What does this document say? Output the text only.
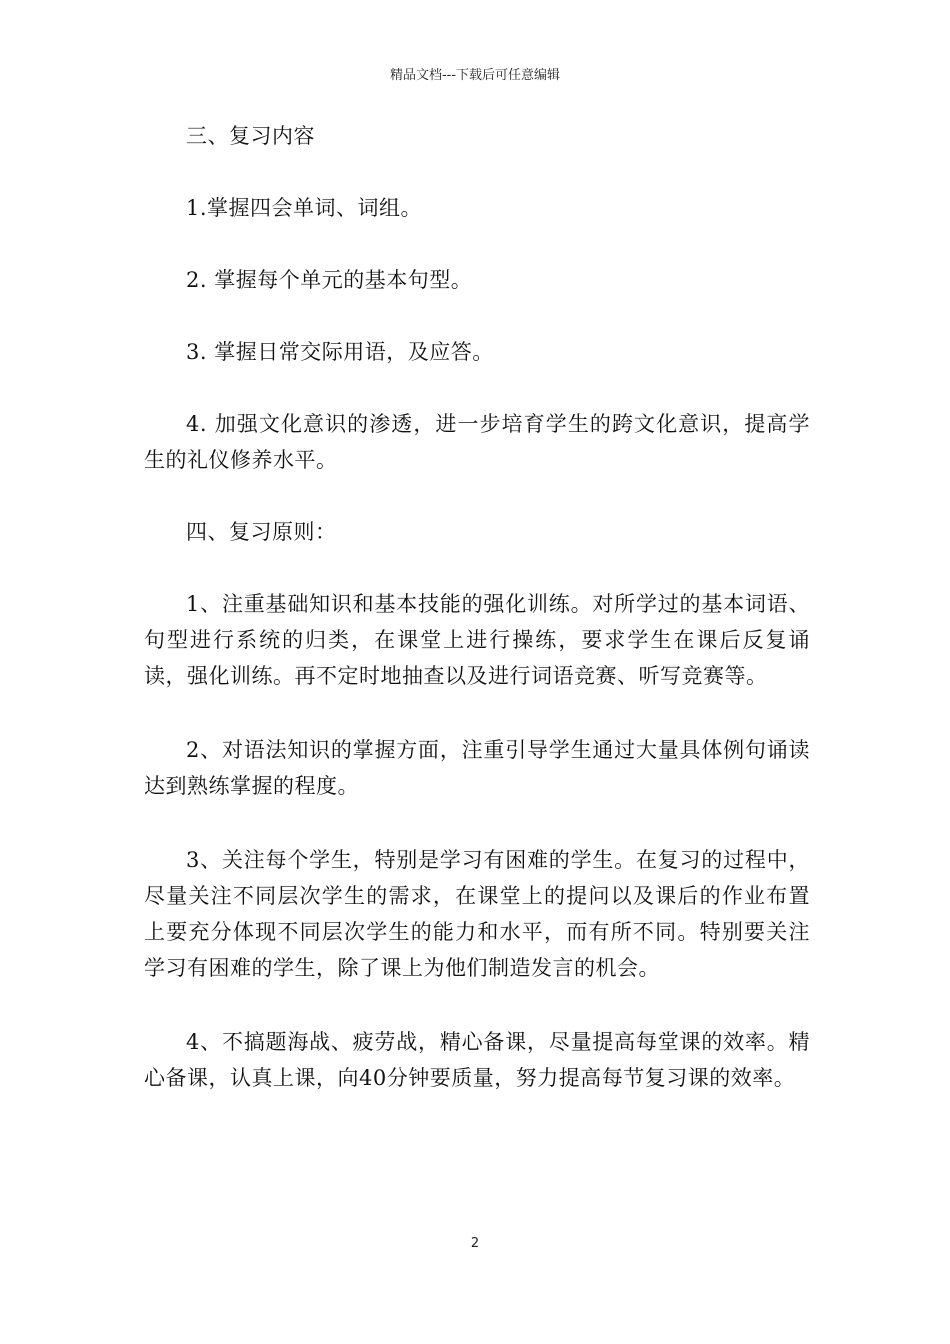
精品文档---下载后可任意编辑

三、复习内容

1.掌握四会单词、词组。

2. 掌握每个单元的基本句型。

3. 掌握日常交际用语，及应答。

4. 加强文化意识的渗透，进一步培育学生的跨文化意识，提高学生的礼仪修养水平。

四、复习原则：

1、注重基础知识和基本技能的强化训练。对所学过的基本词语、句型进行系统的归类，在课堂上进行操练，要求学生在课后反复诵读，强化训练。再不定时地抽查以及进行词语竞赛、听写竞赛等。

2、对语法知识的掌握方面，注重引导学生通过大量具体例句诵读达到熟练掌握的程度。

3、关注每个学生，特别是学习有困难的学生。在复习的过程中，尽量关注不同层次学生的需求，在课堂上的提问以及课后的作业布置上要充分体现不同层次学生的能力和水平，而有所不同。特别要关注学习有困难的学生，除了课上为他们制造发言的机会。

4、不搞题海战、疲劳战，精心备课，尽量提高每堂课的效率。精心备课，认真上课，向40分钟要质量，努力提高每节复习课的效率。

2
